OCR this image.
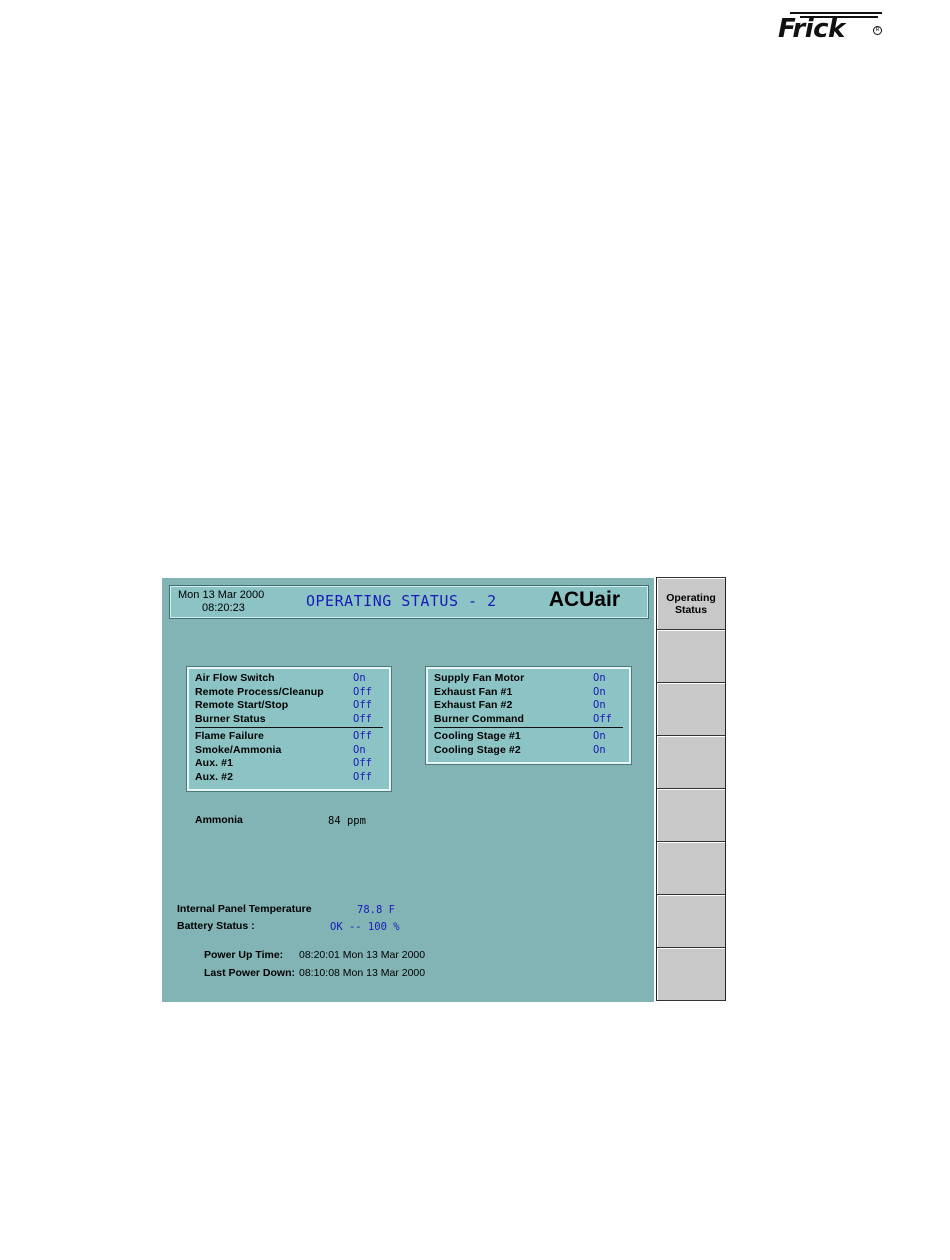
Frick	R
Mon 13 Mar 2000
08:20:23	OPERATING STATUS - 2 ACUair
Air Flow Switch	On
Remote Process/Cleanup	Off
Remote Start/Stop	Off
Burner Status	Off
Flame Failure	Off
Smoke/Ammonia	On
Aux. #1	Off
Aux. #2	Off
Supply Fan Motor	On
Exhaust Fan #1	On
Exhaust Fan #2	On
Burner Command	Off
Cooling Stage #1	On
Cooling Stage #2	On
Ammonia	84 ppm
Internal Panel Temperature	78.8 F
Battery Status :	OK -- 100 %
Power Up Time: 08:20:01 Mon 13 Mar 2000
Last Power Down: 08:10:08 Mon 13 Mar 2000
Operating
Status
